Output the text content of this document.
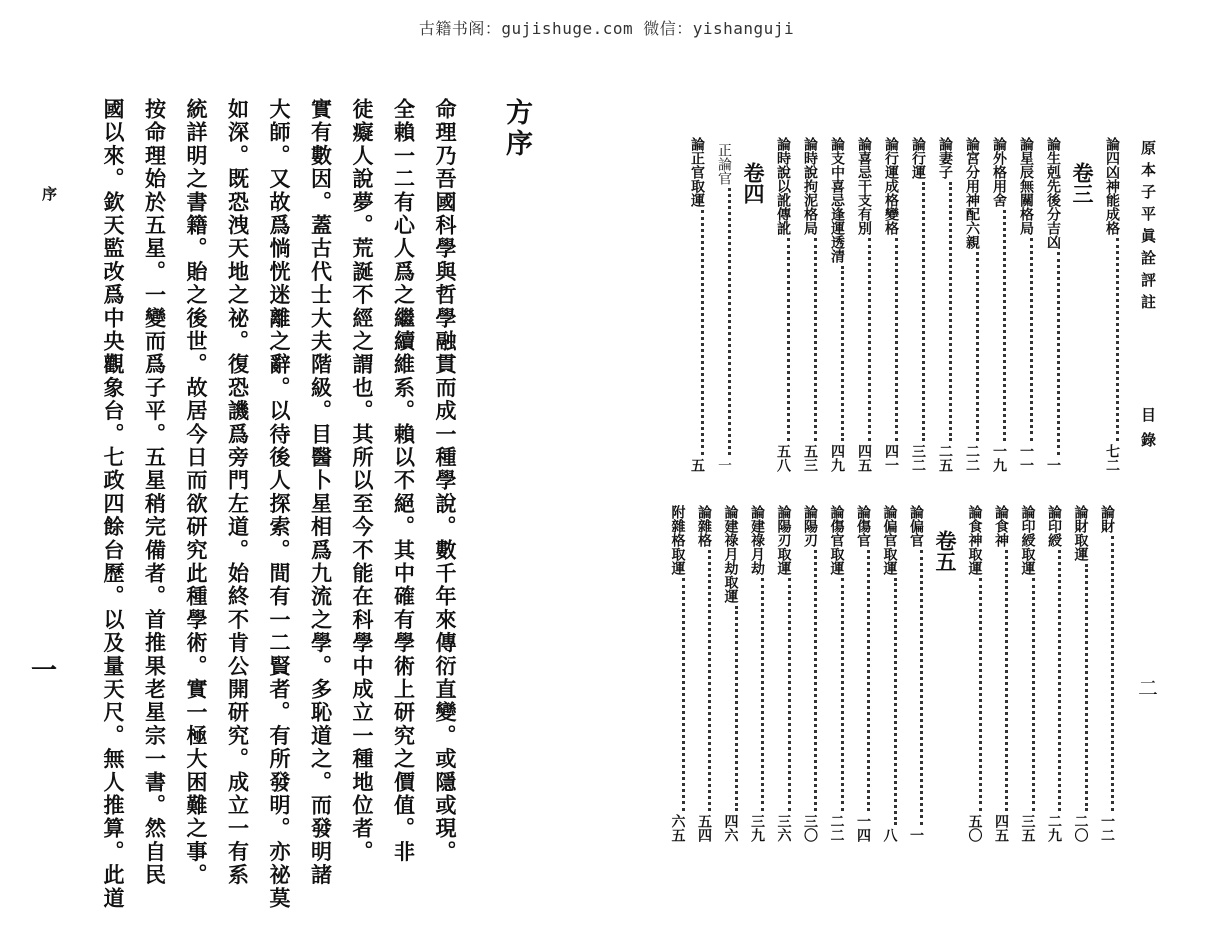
古籍书阁：gujishuge.com 微信：yishanguji
方序
命理乃吾國科學與哲學融貫而成一種學說。數千年來傳衍直變。或隱或現。
全賴一二有心人爲之繼續維系。賴以不絕。其中確有學術上研究之價值。非
徒癡人說夢。荒誕不經之謂也。其所以至今不能在科學中成立一種地位者。
實有數因。蓋古代士大夫階級。目醫卜星相爲九流之學。多恥道之。而發明諸
大師。又故爲惝恍迷離之辭。以待後人探索。間有一二賢者。有所發明。亦祕莫
如深。既恐洩天地之祕。復恐譏爲旁門左道。始終不肯公開研究。成立一有系
統詳明之書籍。貽之後世。故居今日而欲研究此種學術。實一極大困難之事。
按命理始於五星。一變而爲子平。五星稍完備者。首推果老星宗一書。然自民
國以來。欽天監改爲中央觀象台。七政四餘台歷。以及量天尺。無人推算。此道
序
一
原本子平眞詮評註
目錄
二
論四凶神能成格
七二
卷三
論生剋先後分吉凶
一
論星辰無關格局
一一
論外格用舍
一九
論宮分用神配六親
二二
論妻子
二五
論行運
三二
論行運成格變格
四一
論喜忌干支有別
四五
論支中喜忌逢運透清
四九
論時說拘泥格局
五三
論時說以訛傳訛
五八
卷四
正論官
一
論正官取運
五
論財
一二
論財取運
二〇
論印綬
二九
論印綬取運
三五
論食神
四五
論食神取運
五〇
卷五
論偏官
一
論偏官取運
八
論傷官
一四
論傷官取運
二二
論陽刃
三〇
論陽刃取運
三六
論建祿月劫
三九
論建祿月劫取運
四六
論雜格
五四
附雜格取運
六五
